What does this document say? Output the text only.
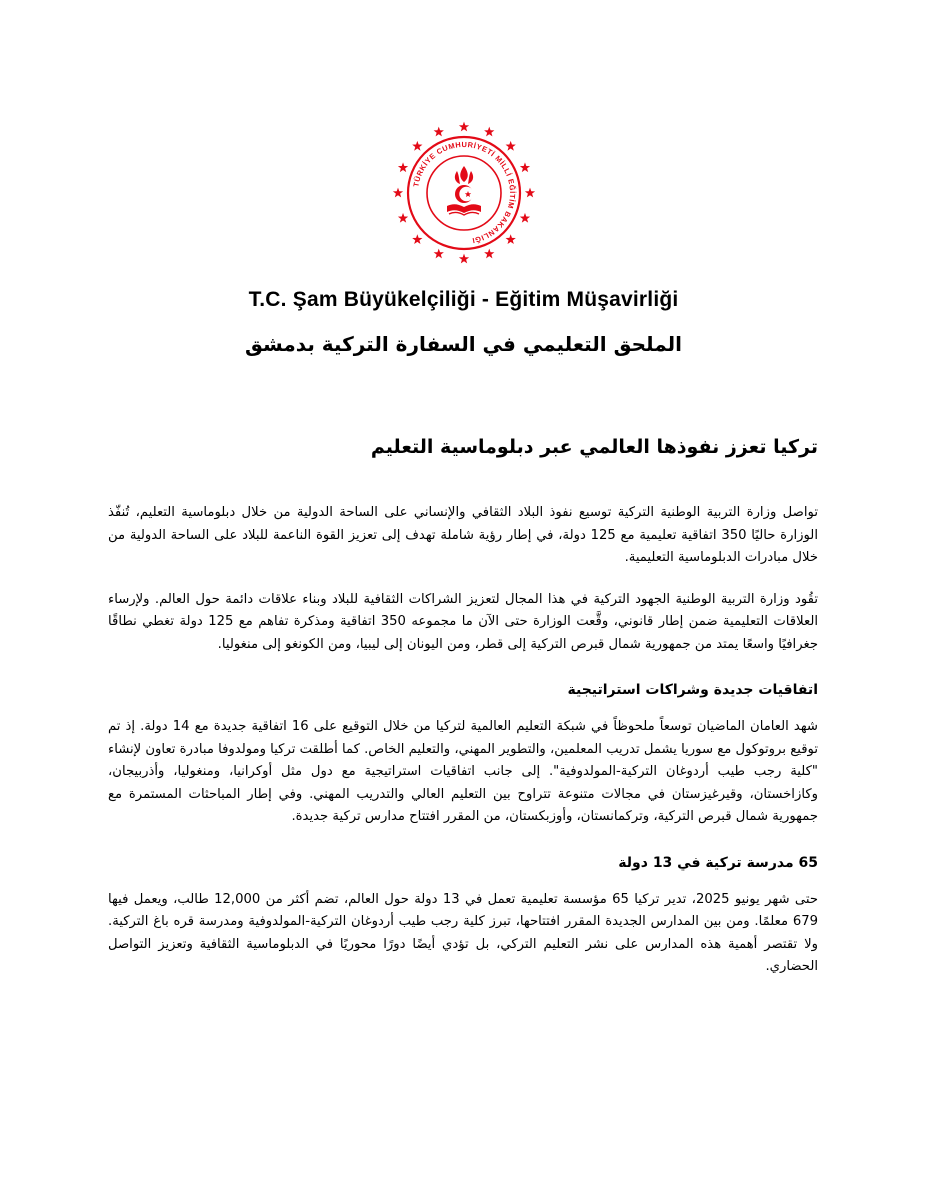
TÜRKİYE CUMHURİYETİ MİLLİ EĞİTİM BAKANLIĞI
T.C. Şam Büyükelçiliği - Eğitim Müşavirliği
الملحق التعليمي في السفارة التركية بدمشق
تركيا تعزز نفوذها العالمي عبر دبلوماسية التعليم

تواصل وزارة التربية الوطنية التركية توسيع نفوذ البلاد الثقافي والإنساني على الساحة الدولية من خلال دبلوماسية التعليم، تُنفّذ الوزارة حاليًا 350 اتفاقية تعليمية مع 125 دولة، في إطار رؤية شاملة تهدف إلى تعزيز القوة الناعمة للبلاد على الساحة الدولية من خلال مبادرات الدبلوماسية التعليمية.

تقُود وزارة التربية الوطنية الجهود التركية في هذا المجال لتعزيز الشراكات الثقافية للبلاد وبناء علاقات دائمة حول العالم. ولإرساء العلاقات التعليمية ضمن إطار قانوني، وقَّعت الوزارة حتى الآن ما مجموعه 350 اتفاقية ومذكرة تفاهم مع 125 دولة تغطي نطاقًا جغرافيًا واسعًا يمتد من جمهورية شمال قبرص التركية إلى قطر، ومن اليونان إلى ليبيا، ومن الكونغو إلى منغوليا.

اتفاقيات جديدة وشراكات استراتيجية

شهد العامان الماضيان توسعاً ملحوظاً في شبكة التعليم العالمية لتركيا من خلال التوقيع على 16 اتفاقية جديدة مع 14 دولة. إذ تم توقيع بروتوكول مع سوريا يشمل تدريب المعلمين، والتطوير المهني، والتعليم الخاص. كما أطلقت تركيا ومولدوفا مبادرة تعاون لإنشاء "كلية رجب طيب أردوغان التركية-المولدوفية". إلى جانب اتفاقيات استراتيجية مع دول مثل أوكرانيا، ومنغوليا، وأذربيجان، وكازاخستان، وقيرغيزستان في مجالات متنوعة تتراوح بين التعليم العالي والتدريب المهني. وفي إطار المباحثات المستمرة مع جمهورية شمال قبرص التركية، وتركمانستان، وأوزبكستان، من المقرر افتتاح مدارس تركية جديدة.

65 مدرسة تركية في 13 دولة

حتى شهر يونيو 2025، تدير تركيا 65 مؤسسة تعليمية تعمل في 13 دولة حول العالم، تضم أكثر من 12,000 طالب، ويعمل فيها 679 معلمًا. ومن بين المدارس الجديدة المقرر افتتاحها، تبرز كلية رجب طيب أردوغان التركية-المولدوفية ومدرسة قره باغ التركية. ولا تقتصر أهمية هذه المدارس على نشر التعليم التركي، بل تؤدي أيضًا دورًا محوريًا في الدبلوماسية الثقافية وتعزيز التواصل الحضاري.
